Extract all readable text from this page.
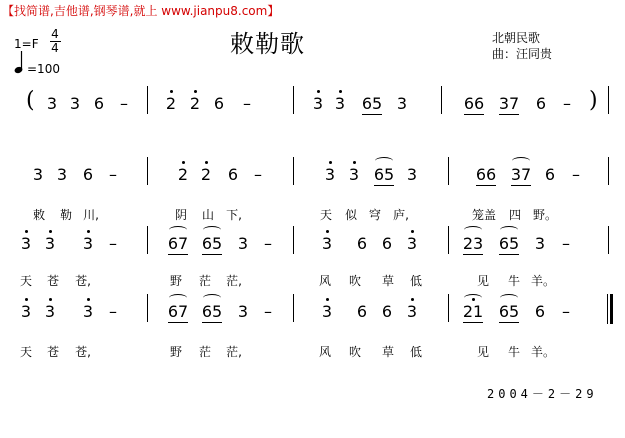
【找简谱,吉他谱,钢琴谱,就上 www.jianpu8.com】
敕勒歌
1=F
4
4
=100
北朝民歌
曲：汪同贵
( 3 3 6 – 2 2 6 –	3 3 65 3	66 37 6 – )
3 3 6 –	2 2 6 –	3 3 65 3	66 37 6 –
敕 勒 川,	阴 山 下,	天 似 穹 庐,	笼盖 四 野。
3 3 3 –	67 65 3 –	3 6 6 3	23 65 3 –
天 苍 苍,	野 茫 茫,	风 吹 草 低	见 牛 羊。
3 3 3 –	67 65 3 –	3 6 6 3	21 65 6 –
天 苍 苍,	野 茫 茫,	风 吹 草 低	见 牛 羊。
2004－2－29
